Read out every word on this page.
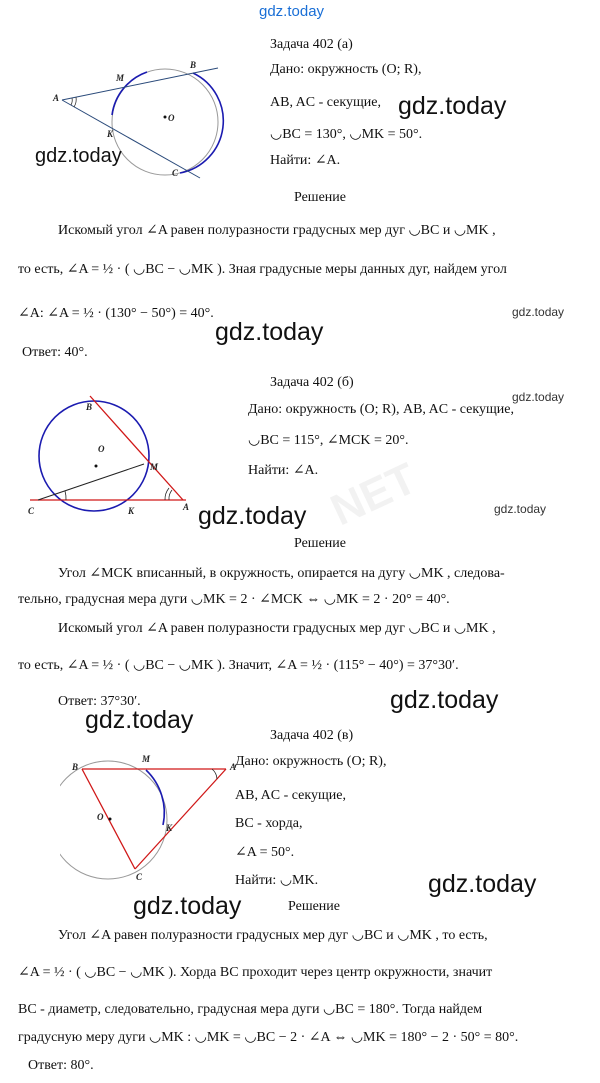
gdz.today
NET
A
M
B
K
C
O
Задача 402 (а)
Дано: окружность (O; R),
AB, AC - секущие,
◡BC = 130°, ◡MK = 50°.
Найти: ∠A.
gdz.today
gdz.today
Решение
Искомый угол ∠A равен полуразности градусных мер дуг ◡BC и ◡MK ,
то есть, ∠A = ½ · ( ◡BC − ◡MK ). Зная градусные меры данных дуг, найдем угол
∠A: ∠A = ½ · (130° − 50°) = 40°.	gdz.today
gdz.today
Ответ: 40°.
Задача 402 (б)
gdz.today
B
O
M
C	K	A
Дано: окружность (O; R), AB, AC - секущие,
◡BC = 115°, ∠MCK = 20°.
Найти: ∠A.
gdz.today
gdz.today
Решение
Угол ∠MCK вписанный, в окружность, опирается на дугу ◡MK , следова-
тельно, градусная мера дуги ◡MK = 2 · ∠MCK ⇔ ◡MK = 2 · 20° = 40°.
Искомый угол ∠A равен полуразности градусных мер дуг ◡BC и ◡MK ,
то есть, ∠A = ½ · ( ◡BC − ◡MK ). Значит, ∠A = ½ · (115° − 40°) = 37°30′.
gdz.today
Ответ: 37°30′.
gdz.today
Задача 402 (в)
B
M
A
O
K
C
Дано: окружность (O; R),
AB, AC - секущие,
BC - хорда,
∠A = 50°.
Найти: ◡MK.	gdz.today
gdz.today	Решение
Угол ∠A равен полуразности градусных мер дуг ◡BC и ◡MK , то есть,
∠A = ½ · ( ◡BC − ◡MK ). Хорда BC проходит через центр окружности, значит
BC - диаметр, следовательно, градусная мера дуги ◡BC = 180°. Тогда найдем
градусную меру дуги ◡MK : ◡MK = ◡BC − 2 · ∠A ⇔ ◡MK = 180° − 2 · 50° = 80°.
Ответ: 80°.
